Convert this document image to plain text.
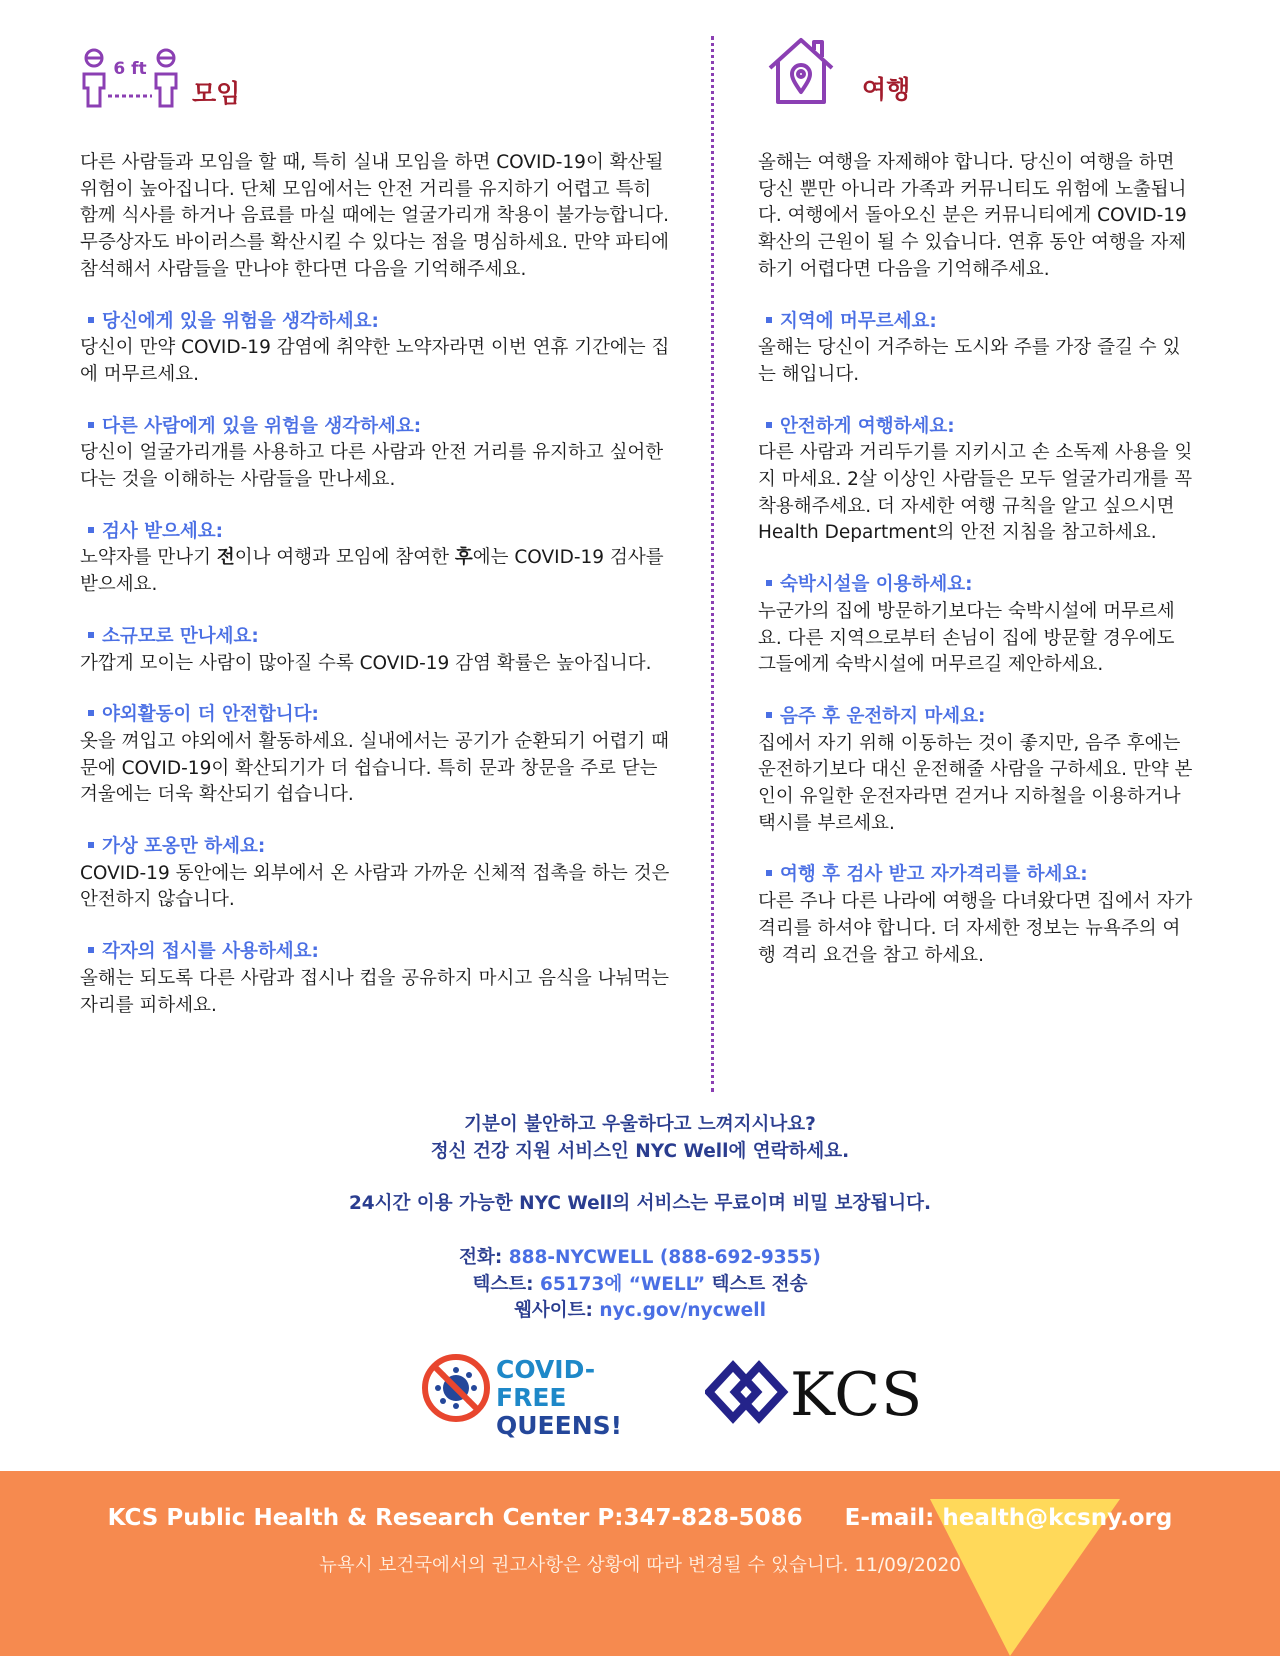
6 ft
모임

다른 사람들과 모임을 할 때, 특히 실내 모임을 하면 COVID-19이 확산될 위험이 높아집니다. 단체 모임에서는 안전 거리를 유지하기 어렵고 특히 함께 식사를 하거나 음료를 마실 때에는 얼굴가리개 착용이 불가능합니다. 무증상자도 바이러스를 확산시킬 수 있다는 점을 명심하세요. 만약 파티에 참석해서 사람들을 만나야 한다면 다음을 기억해주세요.

당신에게 있을 위험을 생각하세요:
당신이 만약 COVID-19 감염에 취약한 노약자라면 이번 연휴 기간에는 집에 머무르세요.
다른 사람에게 있을 위험을 생각하세요:
당신이 얼굴가리개를 사용하고 다른 사람과 안전 거리를 유지하고 싶어한다는 것을 이해하는 사람들을 만나세요.
검사 받으세요:
노약자를 만나기 전이나 여행과 모임에 참여한 후에는 COVID-19 검사를 받으세요.
소규모로 만나세요:
가깝게 모이는 사람이 많아질 수록 COVID-19 감염 확률은 높아집니다.
야외활동이 더 안전합니다:
옷을 껴입고 야외에서 활동하세요. 실내에서는 공기가 순환되기 어렵기 때문에 COVID-19이 확산되기가 더 쉽습니다. 특히 문과 창문을 주로 닫는 겨울에는 더욱 확산되기 쉽습니다.
가상 포옹만 하세요:
COVID-19 동안에는 외부에서 온 사람과 가까운 신체적 접촉을 하는 것은 안전하지 않습니다.
각자의 접시를 사용하세요:
올해는 되도록 다른 사람과 접시나 컵을 공유하지 마시고 음식을 나눠먹는 자리를 피하세요.
여행

올해는 여행을 자제해야 합니다. 당신이 여행을 하면 당신 뿐만 아니라 가족과 커뮤니티도 위험에 노출됩니다. 여행에서 돌아오신 분은 커뮤니티에게 COVID-19 확산의 근원이 될 수 있습니다. 연휴 동안 여행을 자제하기 어렵다면 다음을 기억해주세요.

지역에 머무르세요:
올해는 당신이 거주하는 도시와 주를 가장 즐길 수 있는 해입니다.
안전하게 여행하세요:
다른 사람과 거리두기를 지키시고 손 소독제 사용을 잊지 마세요. 2살 이상인 사람들은 모두 얼굴가리개를 꼭 착용해주세요. 더 자세한 여행 규칙을 알고 싶으시면 Health Department의 안전 지침을 참고하세요.
숙박시설을 이용하세요:
누군가의 집에 방문하기보다는 숙박시설에 머무르세요. 다른 지역으로부터 손님이 집에 방문할 경우에도 그들에게 숙박시설에 머무르길 제안하세요.
음주 후 운전하지 마세요:
집에서 자기 위해 이동하는 것이 좋지만, 음주 후에는 운전하기보다 대신 운전해줄 사람을 구하세요. 만약 본인이 유일한 운전자라면 걷거나 지하철을 이용하거나 택시를 부르세요.
여행 후 검사 받고 자가격리를 하세요:
다른 주나 다른 나라에 여행을 다녀왔다면 집에서 자가격리를 하셔야 합니다. 더 자세한 정보는 뉴욕주의 여행 격리 요건을 참고 하세요.
기분이 불안하고 우울하다고 느껴지시나요?
정신 건강 지원 서비스인 NYC Well에 연락하세요.
24시간 이용 가능한 NYC Well의 서비스는 무료이며 비밀 보장됩니다.
전화: 888-NYCWELL (888-692-9355)
텍스트: 65173에 “WELL” 텍스트 전송
웹사이트: nyc.gov/nycwell
COVID-FREE
QUEENS!	KCS
KCS Public Health & Research Center P:347-828-5086 E-mail: health@kcsny.org
뉴욕시 보건국에서의 권고사항은 상황에 따라 변경될 수 있습니다. 11/09/2020
